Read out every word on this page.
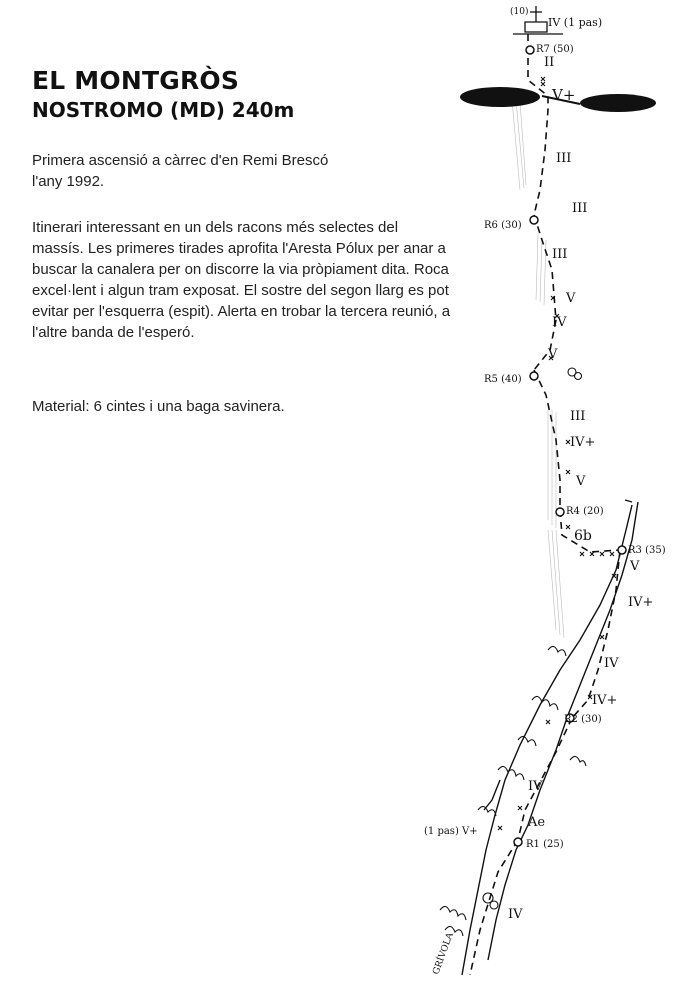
EL MONTGRÒS
NOSTROMO (MD) 240m

Primera ascensió a càrrec d'en Remi Brescó
l'any 1992.

Itinerari interessant en un dels racons més selectes del massís. Les primeres tirades aprofita l'Aresta Pólux per anar a buscar la canalera per on discorre la via pròpiament dita. Roca excel·lent i algun tram exposat. El sostre del segon llarg es pot evitar per l'esquerra (espit). Alerta en trobar la tercera reunió, a l'altre banda de l'esperó.

Material: 6 cintes i una baga savinera.

R1 (25)
R2 (30)
R3 (35)
R4 (20)
R5 (40)
R6 (30)
R7 (50)
(10)
IV (1 pas)
II
V+
III
III
III
V
IV
V
III
IV+
V
6b
V
IV+
IV
IV+
IV
Ae
(1 pas) V+
IV
GRÍVOLA
